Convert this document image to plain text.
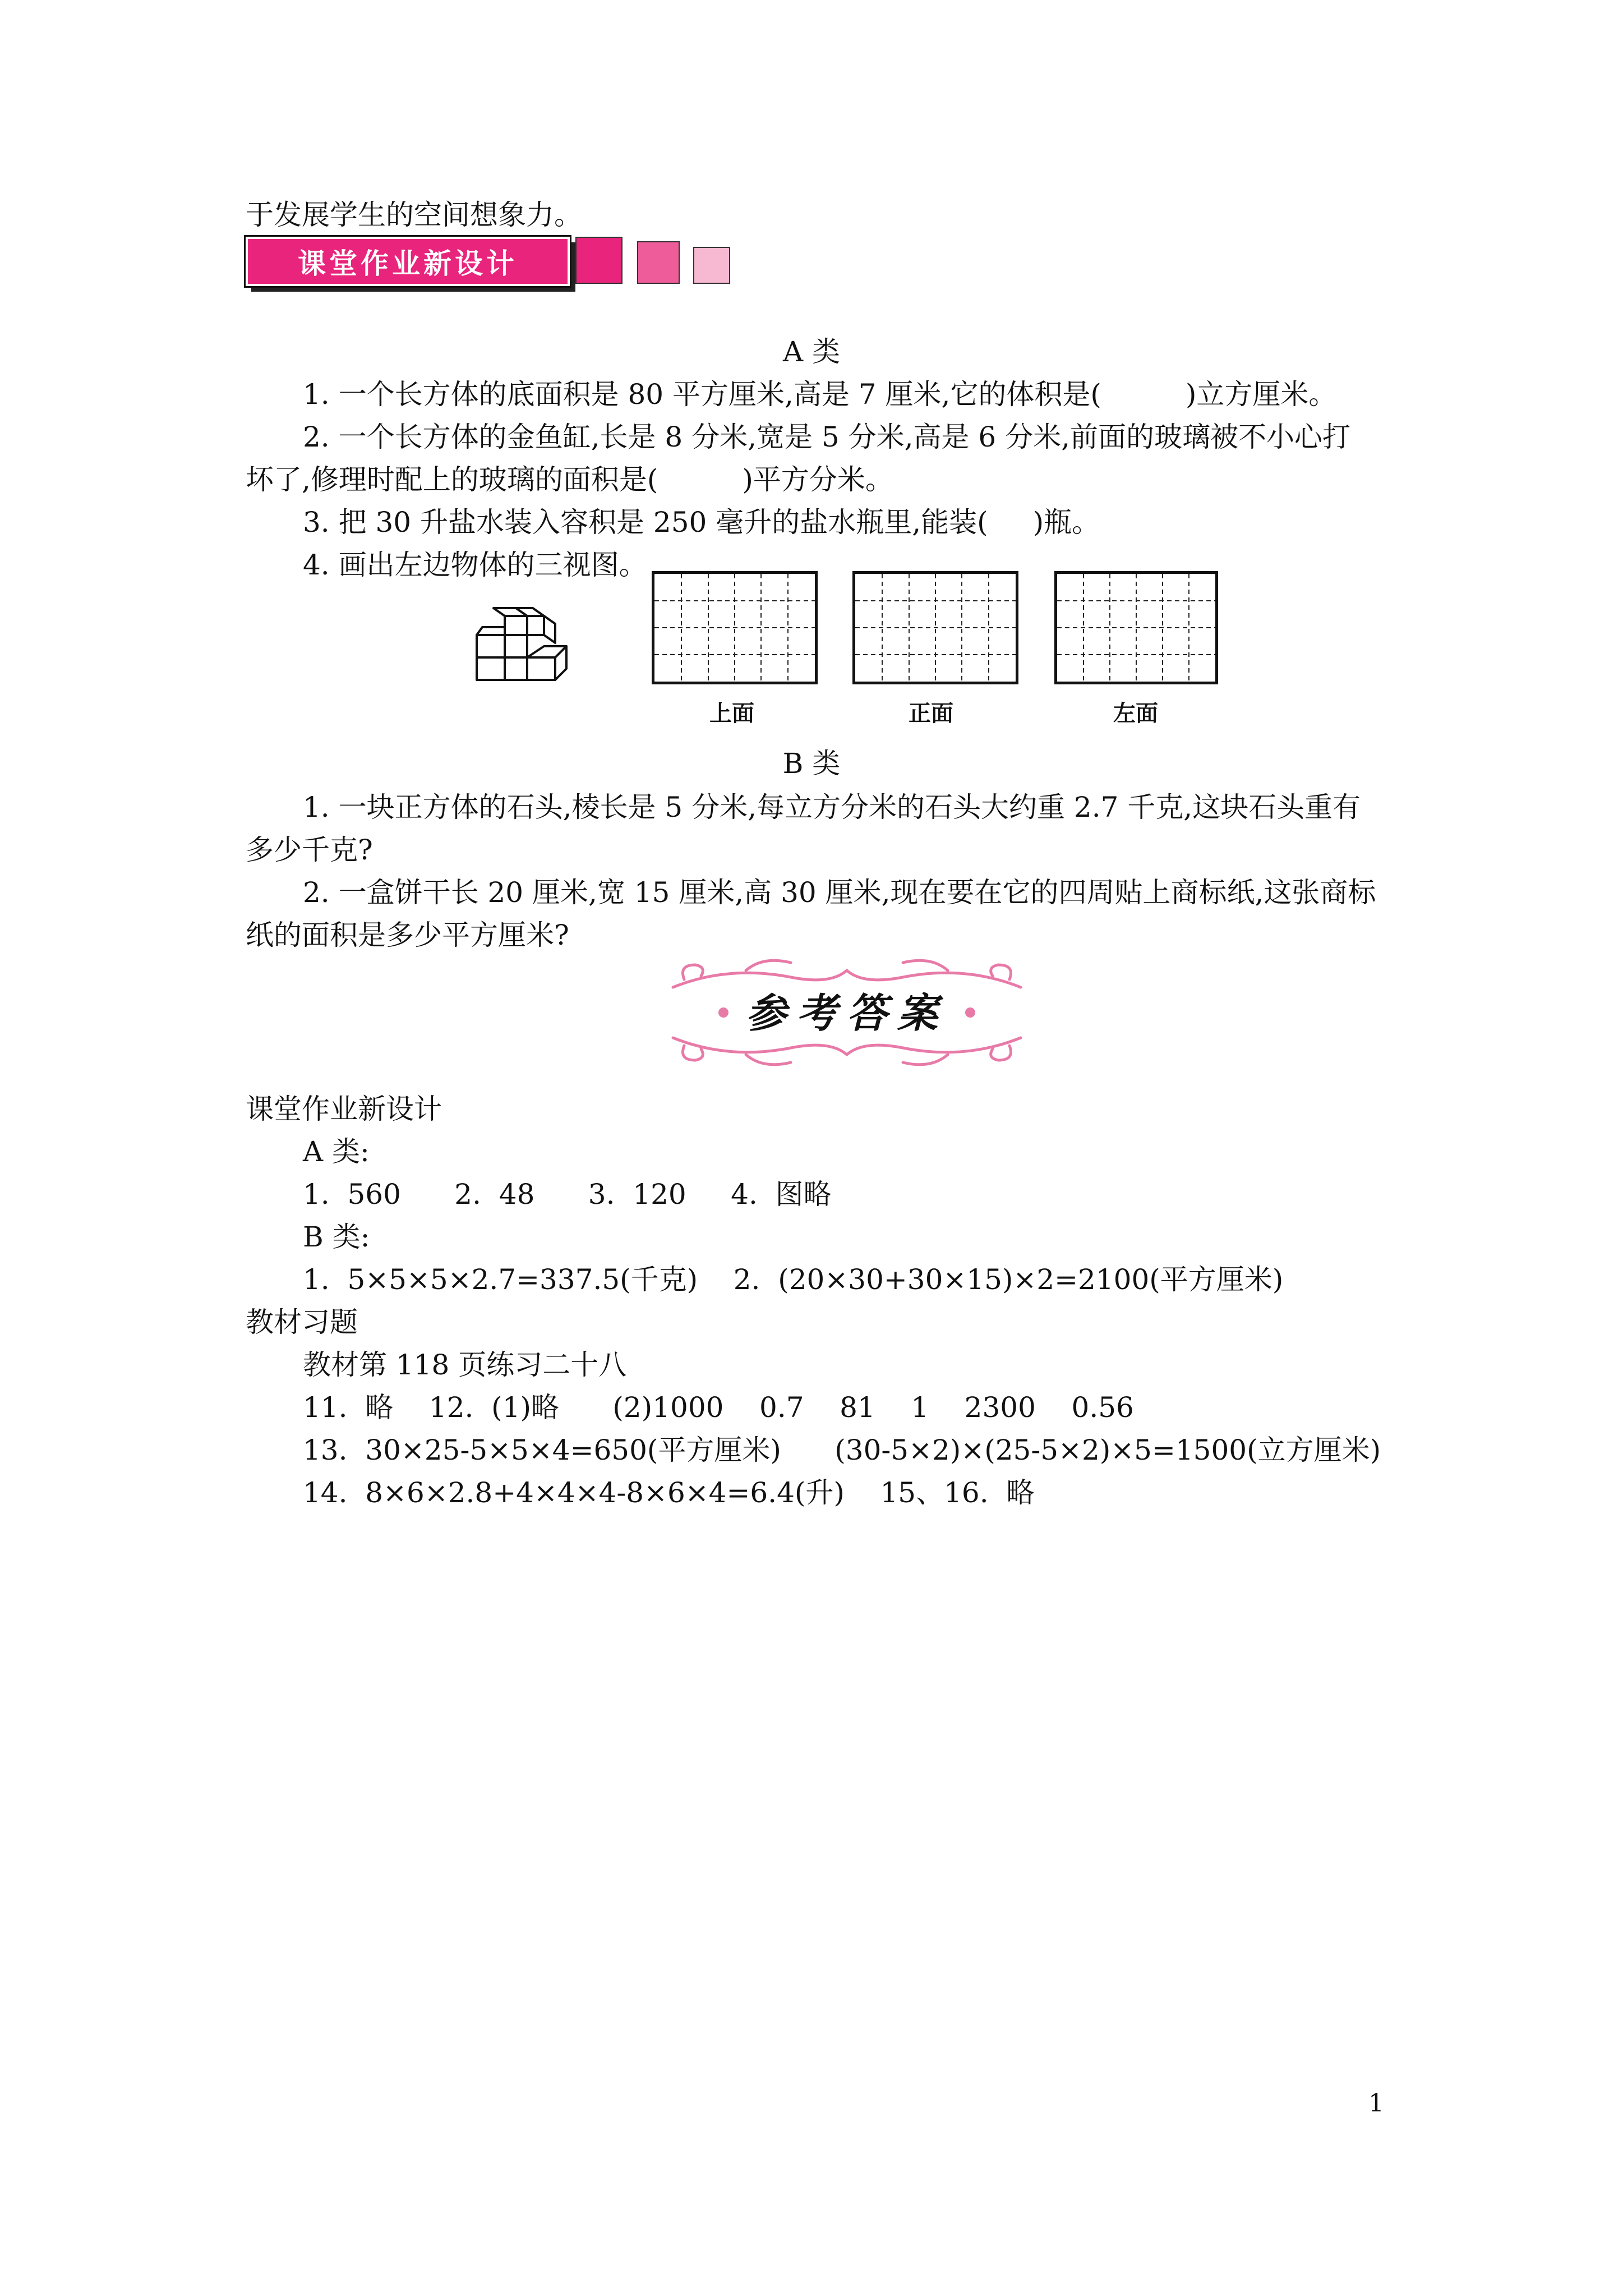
于发展学生的空间想象力。
课堂作业新设计
A 类
1. 一个长方体的底面积是 80 平方厘米,高是 7 厘米,它的体积是(	)立方厘米。
2. 一个长方体的金鱼缸,长是 8 分米,宽是 5 分米,高是 6 分米,前面的玻璃被不小心打
坏了,修理时配上的玻璃的面积是(	)平方分米。
3. 把 30 升盐水装入容积是 250 毫升的盐水瓶里,能装( )瓶。
4. 画出左边物体的三视图。
上面	正面	左面
B 类
1. 一块正方体的石头,棱长是 5 分米,每立方分米的石头大约重 2.7 千克,这块石头重有
多少千克?
2. 一盒饼干长 20 厘米,宽 15 厘米,高 30 厘米,现在要在它的四周贴上商标纸,这张商标
纸的面积是多少平方厘米?
参考答案
课堂作业新设计
A 类:
1.  560      2.  48      3.  120     4.  图略
B 类:
1.  5×5×5×2.7=337.5(千克)    2.  (20×30+30×15)×2=2100(平方厘米)
教材习题
教材第 118 页练习二十八
11.  略    12.  (1)略      (2)1000    0.7    81    1    2300    0.56
13.  30×25-5×5×4=650(平方厘米)      (30-5×2)×(25-5×2)×5=1500(立方厘米)
14.  8×6×2.8+4×4×4-8×6×4=6.4(升)    15、16.  略
1
